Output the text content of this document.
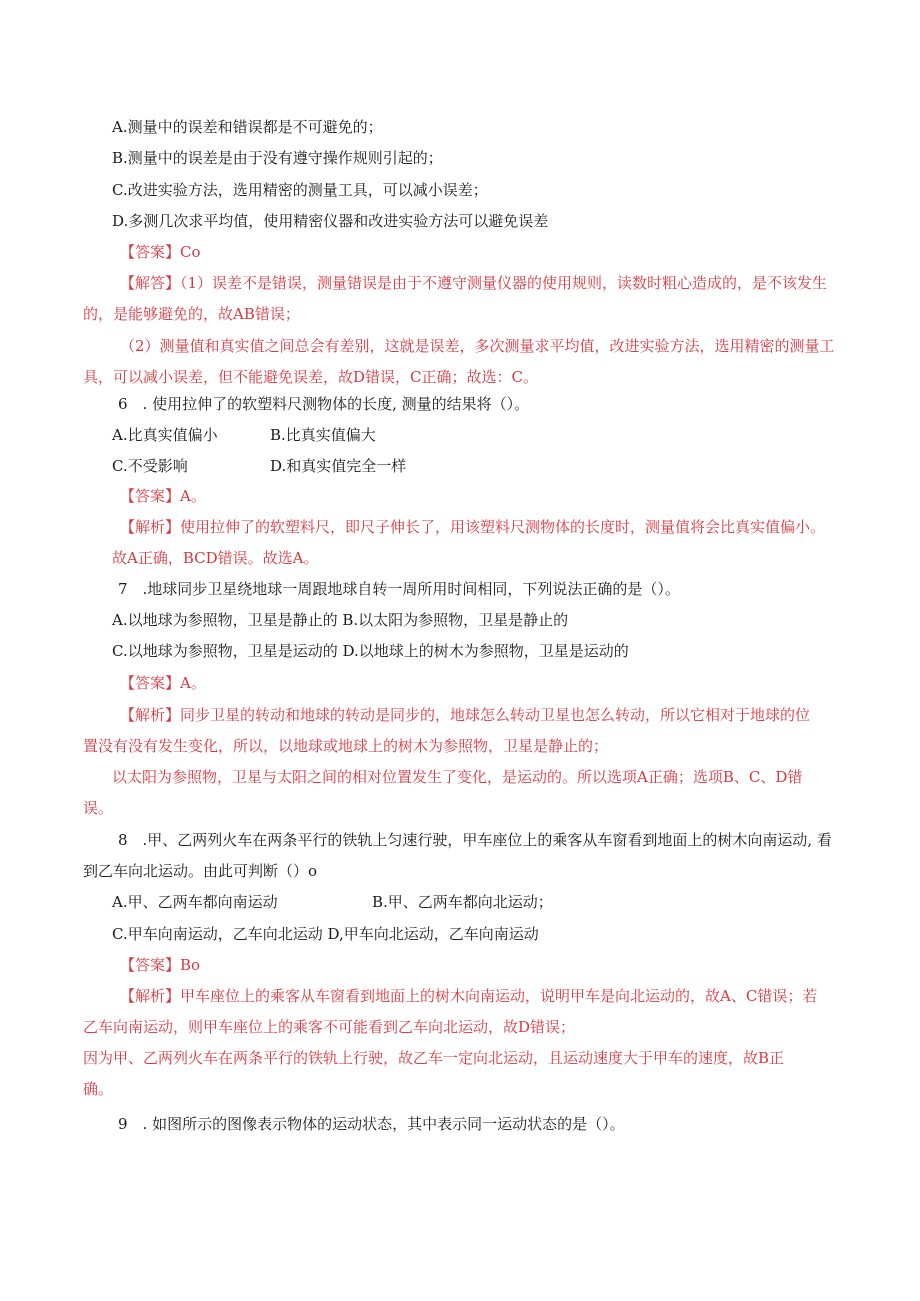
A.测量中的误差和错误都是不可避免的；
B.测量中的误差是由于没有遵守操作规则引起的；
C.改进实验方法，选用精密的测量工具，可以减小误差；
D.多测几次求平均值，使用精密仪器和改进实验方法可以避免误差
【答案】Co
【解答】（1）误差不是错误，测量错误是由于不遵守测量仪器的使用规则，读数时粗心造成的，是不该发生
的，是能够避免的，故AB错误；
（2）测量值和真实值之间总会有差别，这就是误差，多次测量求平均值，改进实验方法，选用精密的测量工
具，可以减小误差，但不能避免误差，故D错误，C正确；故选：C。
6　. 使用拉伸了的软塑料尺测物体的长度, 测量的结果将（）。
A.比真实值偏小	B.比真实值偏大
C.不受影响	D.和真实值完全一样
【答案】A。
【解析】使用拉伸了的软塑料尺，即尺子伸长了，用该塑料尺测物体的长度时，测量值将会比真实值偏小。
故A正确，BCD错误。故选A。
7　.地球同步卫星绕地球一周跟地球自转一周所用时间相同，下列说法正确的是（）。
A.以地球为参照物，卫星是静止的 B.以太阳为参照物，卫星是静止的
C.以地球为参照物，卫星是运动的 D.以地球上的树木为参照物，卫星是运动的
【答案】A。
【解析】同步卫星的转动和地球的转动是同步的，地球怎么转动卫星也怎么转动，所以它相对于地球的位
置没有没有发生变化，所以，以地球或地球上的树木为参照物，卫星是静止的；
以太阳为参照物，卫星与太阳之间的相对位置发生了变化，是运动的。所以选项A正确；选项B、C、D错
误。
8　.甲、乙两列火车在两条平行的铁轨上匀速行驶，甲车座位上的乘客从车窗看到地面上的树木向南运动, 看
到乙车向北运动。由此可判断（）o
A.甲、乙两车都向南运动	B.甲、乙两车都向北运动；
C.甲车向南运动，乙车向北运动 D,甲车向北运动，乙车向南运动
【答案】Bo
【解析】甲车座位上的乘客从车窗看到地面上的树木向南运动，说明甲车是向北运动的，故A、C错误；若
乙车向南运动，则甲车座位上的乘客不可能看到乙车向北运动，故D错误；
因为甲、乙两列火车在两条平行的铁轨上行驶，故乙车一定向北运动，且运动速度大于甲车的速度，故B正
确。
9　. 如图所示的图像表示物体的运动状态，其中表示同一运动状态的是（）。
